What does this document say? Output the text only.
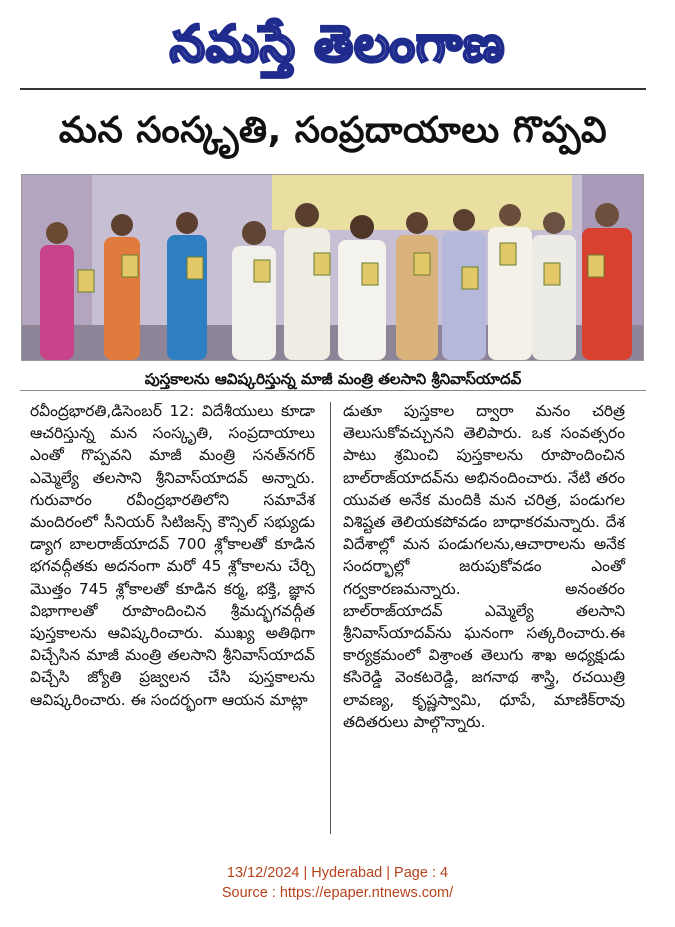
నమస్తే తెలంగాణ
మన సంస్కృతి, సంప్రదాయాలు గొప్పవి
పుస్తకాలను ఆవిష్కరిస్తున్న మాజీ మంత్రి తలసాని శ్రీనివాస్‌యాదవ్

రవీంద్రభారతి,డిసెంబర్ 12: విదేశీయులు కూడా ఆచరిస్తున్న మన సంస్కృతి, సంప్రదాయాలు ఎంతో గొప్పవని మాజీ మంత్రి సనత్‌నగర్ ఎమ్మెల్యే తలసాని శ్రీనివాస్‌యాదవ్ అన్నారు. గురువారం రవీంద్రభారతిలోని సమావేశ మందిరంలో సీనియర్ సిటిజన్స్ కౌన్సిల్ సభ్యుడు డ్యాగ బాలరాజ్‌యాదవ్ 700 శ్లోకాలతో కూడిన భగవద్గీతకు అదనంగా మరో 45 శ్లోకాలను చేర్చి మొత్తం 745 శ్లోకాలతో కూడిన కర్మ, భక్తి, జ్ఞాన విభాగాలతో రూపొందించిన శ్రీమద్భగవద్గీత పుస్తకాలను ఆవిష్కరించారు. ముఖ్య అతిథిగా విచ్చేసిన మాజీ మంత్రి తలసాని శ్రీనివాస్‌యాదవ్ విచ్చేసి జ్యోతి ప్రజ్వలన చేసి పుస్తకాలను ఆవిష్కరించారు. ఈ సందర్భంగా ఆయన మాట్లా

డుతూ పుస్తకాల ద్వారా మనం చరిత్ర తెలుసుకోవచ్చునని తెలిపారు. ఒక సంవత్సరం పాటు శ్రమించి పుస్తకాలను రూపొందించిన బాల్‌రాజ్‌యాదవ్‌ను అభినందించారు. నేటి తరం యువత అనేక మందికి మన చరిత్ర, పండుగల విశిష్టత తెలియకపోవడం బాధాకరమన్నారు. దేశ విదేశాల్లో మన పండుగలను,ఆచారాలను అనేక సందర్భాల్లో జరుపుకోవడం ఎంతో గర్వకారణమన్నారు. అనంతరం బాల్‌రాజ్‌యాదవ్ ఎమ్మెల్యే తలసాని శ్రీనివాస్‌యాదవ్‌ను ఘనంగా సత్కరించారు.ఈ కార్యక్రమంలో విశ్రాంత తెలుగు శాఖ అధ్యక్షుడు కసిరెడ్డి వెంకటరెడ్డి, జగనాథ శాస్త్రి, రచయిత్రి లావణ్య, కృష్ణస్వామి, ధూపే, మాణిక్‌రావు తదితరులు పాల్గొన్నారు.

13/12/2024 | Hyderabad | Page : 4
Source : https://epaper.ntnews.com/
